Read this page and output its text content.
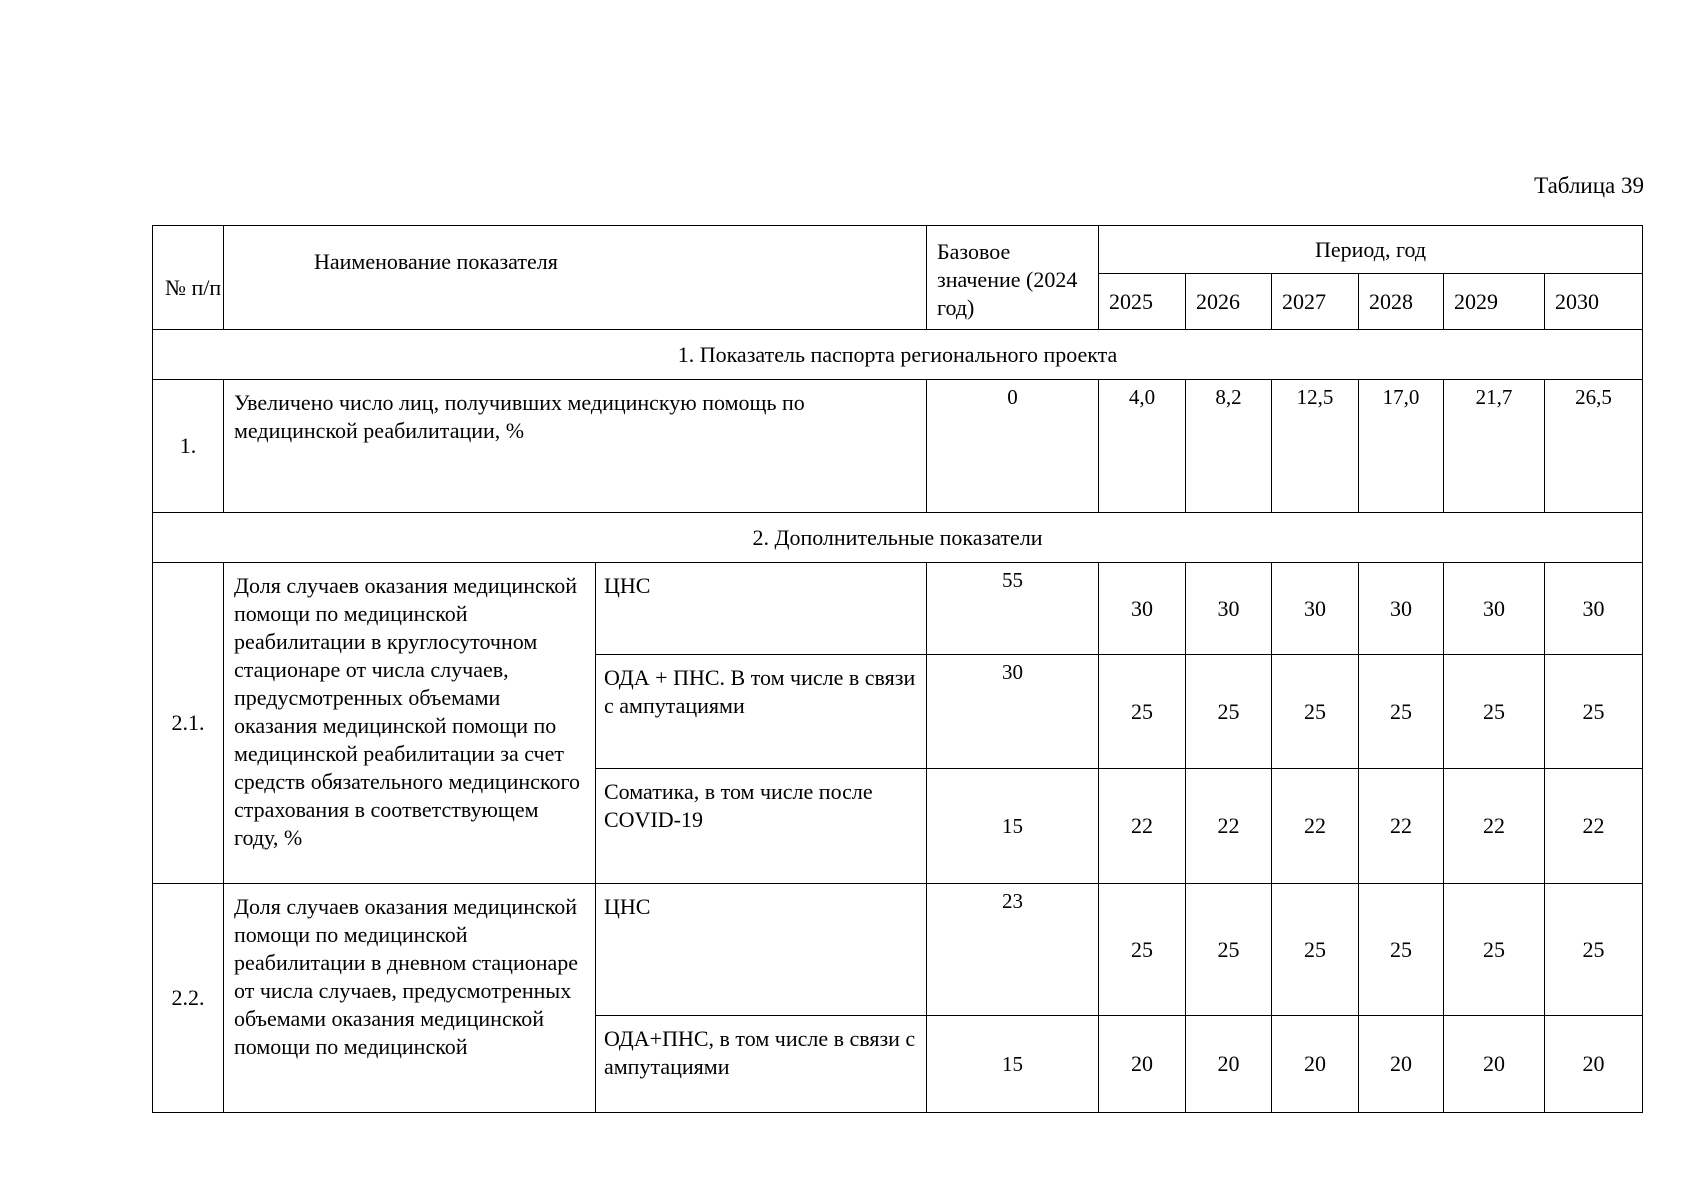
Таблица 39
№ п/п	Наименование показателя		Базовое значение (2024 год)	Период, год					
				2025	2026	2027	2028	2029	2030
1. Показатель паспорта регионального проекта									
1.	Увеличено число лиц, получивших медицинскую помощь по медицинской реабилитации, %		0	4,0	8,2	12,5	17,0	21,7	26,5
2. Дополнительные показатели									
2.1.	Доля случаев оказания медицинской помощи по медицинской реабилитации в круглосуточном стационаре от числа случаев, предусмотренных объемами оказания медицинской помощи по медицинской реабилитации за счет средств обязательного медицинского страхования в соответствующем году, %	ЦНС	55	30	30	30	30	30	30
		ОДА + ПНС. В том числе в связи с ампутациями	30	25	25	25	25	25	25
		Соматика, в том числе после COVID-19	15	22	22	22	22	22	22
2.2.	Доля случаев оказания медицинской помощи по медицинской реабилитации в дневном стационаре от числа случаев, предусмотренных объемами оказания медицинской помощи по медицинской	ЦНС	23	25	25	25	25	25	25
		ОДА+ПНС, в том числе в связи с ампутациями	15	20	20	20	20	20	20
